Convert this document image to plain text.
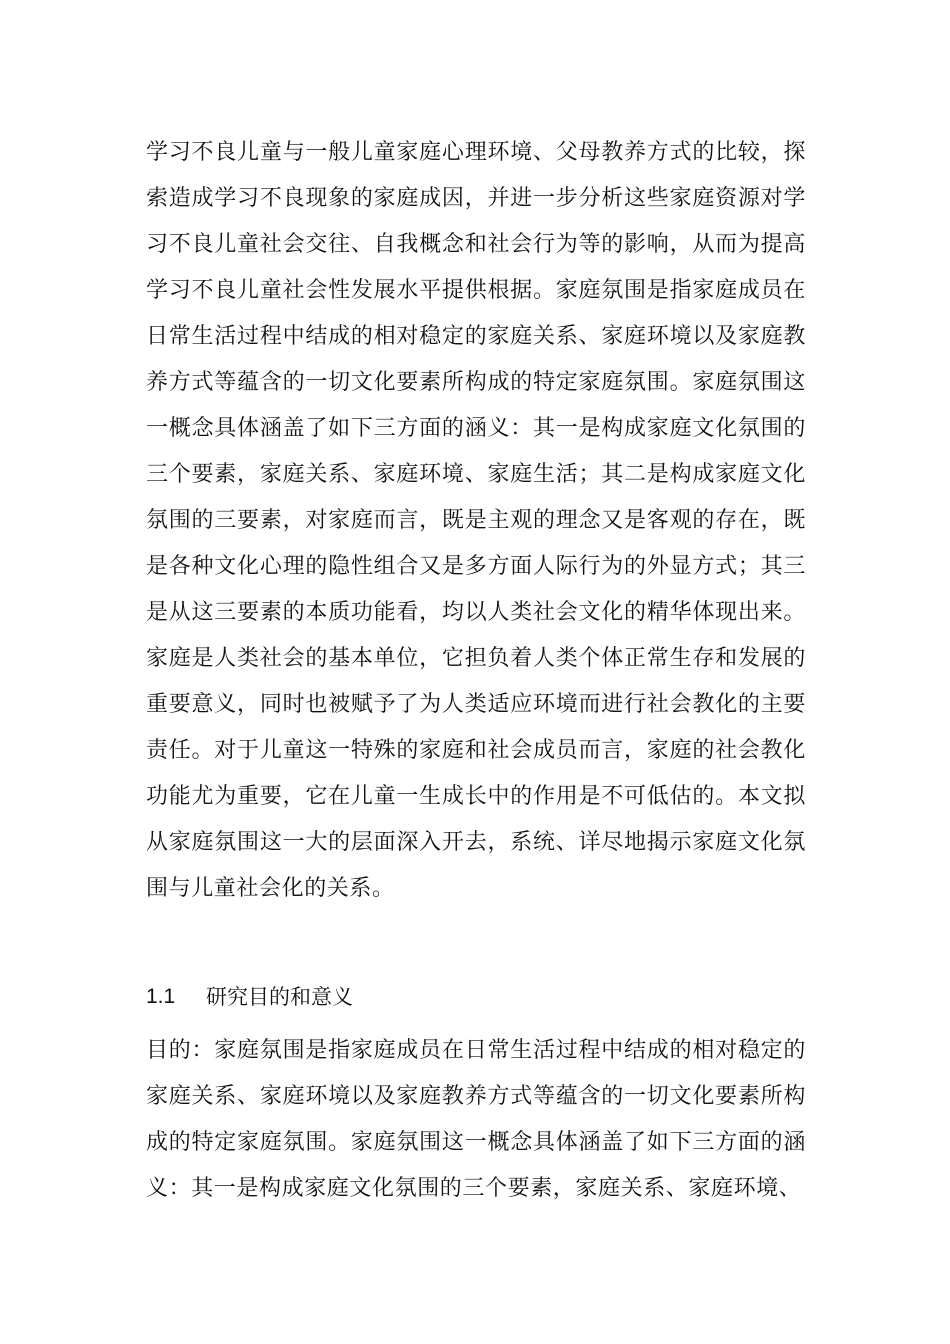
学习不良儿童与一般儿童家庭心理环境、父母教养方式的比较，探索造成学习不良现象的家庭成因，并进一步分析这些家庭资源对学习不良儿童社会交往、自我概念和社会行为等的影响，从而为提高学习不良儿童社会性发展水平提供根据。家庭氛围是指家庭成员在日常生活过程中结成的相对稳定的家庭关系、家庭环境以及家庭教养方式等蕴含的一切文化要素所构成的特定家庭氛围。家庭氛围这一概念具体涵盖了如下三方面的涵义：其一是构成家庭文化氛围的三个要素，家庭关系、家庭环境、家庭生活；其二是构成家庭文化氛围的三要素，对家庭而言，既是主观的理念又是客观的存在，既是各种文化心理的隐性组合又是多方面人际行为的外显方式；其三是从这三要素的本质功能看，均以人类社会文化的精华体现出来。家庭是人类社会的基本单位，它担负着人类个体正常生存和发展的重要意义，同时也被赋予了为人类适应环境而进行社会教化的主要责任。对于儿童这一特殊的家庭和社会成员而言，家庭的社会教化功能尤为重要，它在儿童一生成长中的作用是不可低估的。本文拟从家庭氛围这一大的层面深入开去，系统、详尽地揭示家庭文化氛围与儿童社会化的关系。

1.1	研究目的和意义

目的：家庭氛围是指家庭成员在日常生活过程中结成的相对稳定的家庭关系、家庭环境以及家庭教养方式等蕴含的一切文化要素所构成的特定家庭氛围。家庭氛围这一概念具体涵盖了如下三方面的涵义：其一是构成家庭文化氛围的三个要素，家庭关系、家庭环境、
